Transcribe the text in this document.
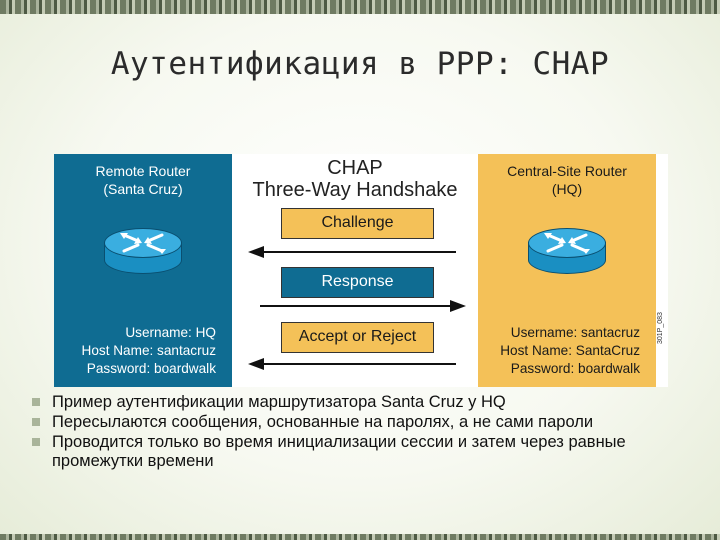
Аутентификация в PPP: CHAP
Remote Router
(Santa Cruz)
Username: HQ
Host Name: santacruz
Password: boardwalk
CHAP
Three-Way Handshake
Challenge
Response
Accept or Reject
Central-Site Router
(HQ)
Username: santacruz
Host Name: SantaCruz
Password: boardwalk
301P_083
Пример аутентификации маршрутизатора Santa Cruz у HQ
Пересылаются сообщения, основанные на паролях, а не сами пароли
Проводится только во время инициализации сессии и затем через равные промежутки времени
